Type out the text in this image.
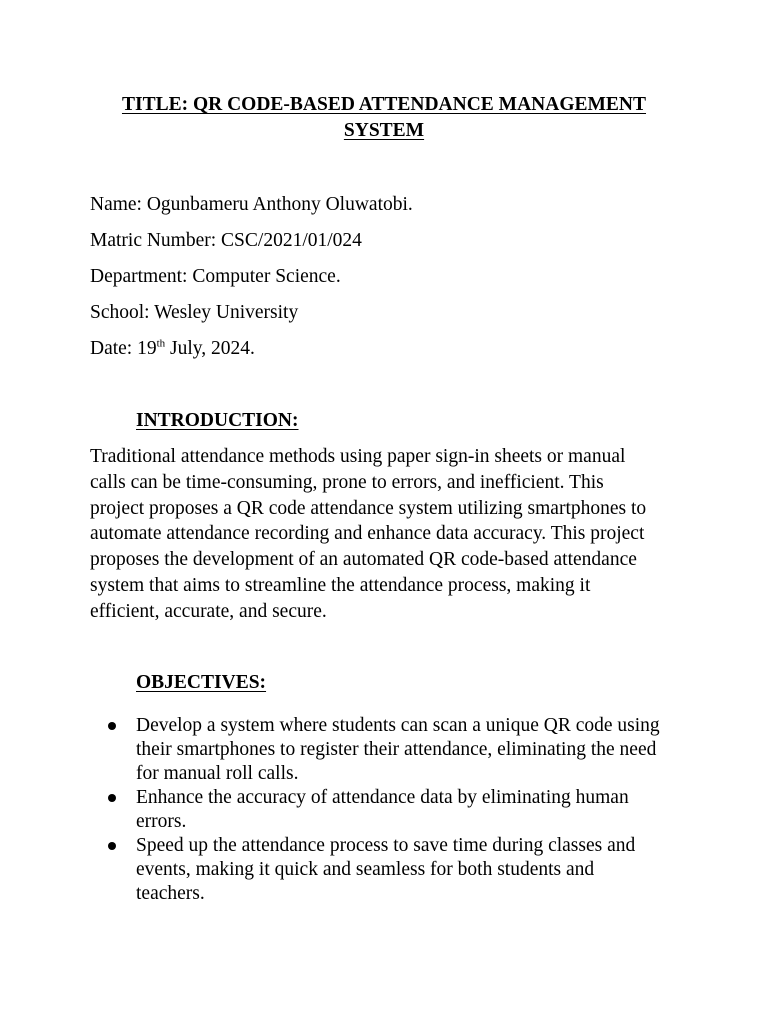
TITLE: QR CODE-BASED ATTENDANCE MANAGEMENT
SYSTEM
Name: Ogunbameru Anthony Oluwatobi.
Matric Number: CSC/2021/01/024
Department: Computer Science.
School: Wesley University
Date: 19th July, 2024.
INTRODUCTION:
Traditional attendance methods using paper sign-in sheets or manual
calls can be time-consuming, prone to errors, and inefficient. This
project proposes a QR code attendance system utilizing smartphones to
automate attendance recording and enhance data accuracy. This project
proposes the development of an automated QR code-based attendance
system that aims to streamline the attendance process, making it
efficient, accurate, and secure.
OBJECTIVES:
Develop a system where students can scan a unique QR code using
their smartphones to register their attendance, eliminating the need
for manual roll calls.
Enhance the accuracy of attendance data by eliminating human
errors.
Speed up the attendance process to save time during classes and
events, making it quick and seamless for both students and
teachers.
